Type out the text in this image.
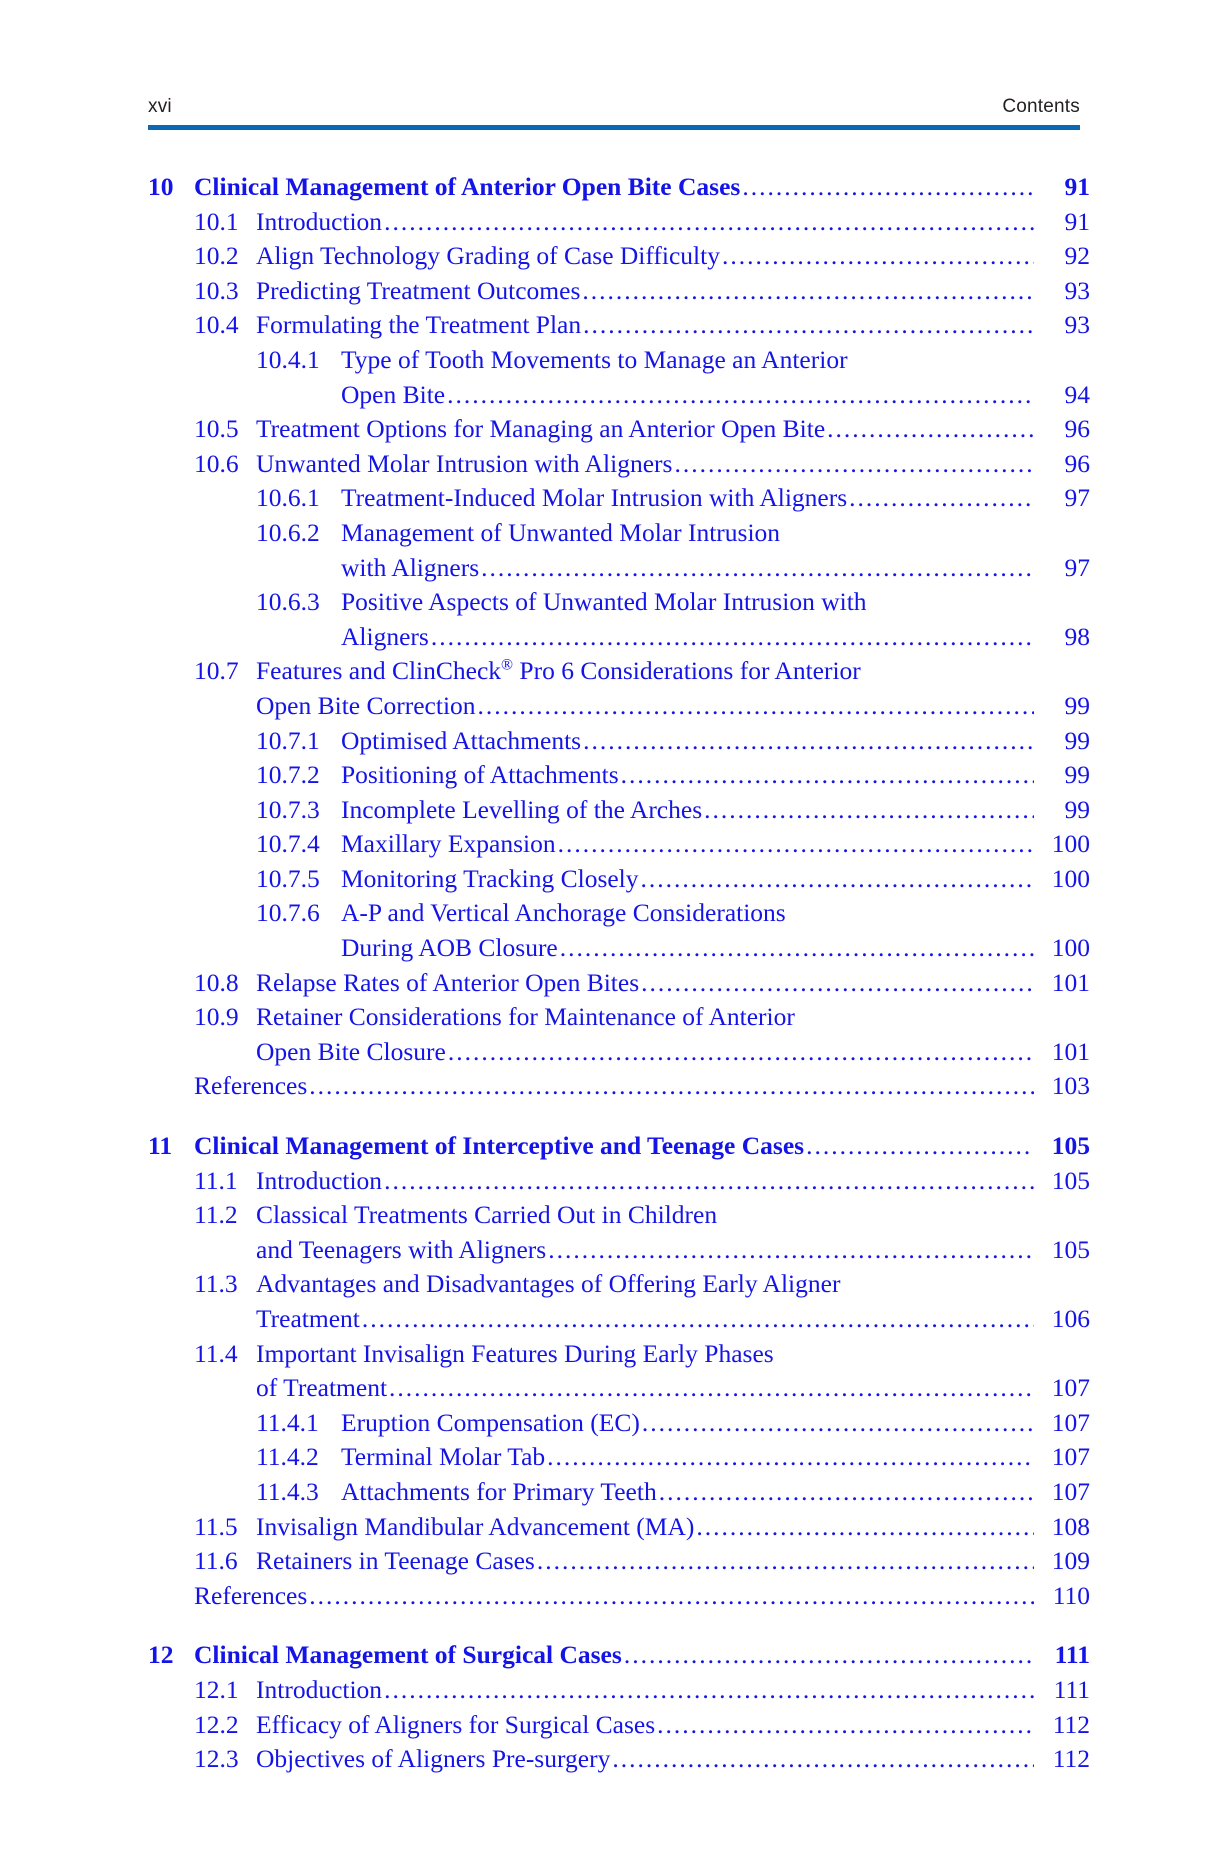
xvi	Contents
10 Clinical Management of Anterior Open Bite Cases .....	91
10.1 Introduction .....	91
10.2 Align Technology Grading of Case Difficulty .....	92
10.3 Predicting Treatment Outcomes .....	93
10.4 Formulating the Treatment Plan .....	93
10.4.1 Type of Tooth Movements to Manage an Anterior
Open Bite .....	94
10.5 Treatment Options for Managing an Anterior Open Bite .....	96
10.6 Unwanted Molar Intrusion with Aligners .....	96
10.6.1 Treatment-Induced Molar Intrusion with Aligners .....	97
10.6.2 Management of Unwanted Molar Intrusion
with Aligners .....	97
10.6.3 Positive Aspects of Unwanted Molar Intrusion with
Aligners .....	98
10.7 Features and ClinCheck® Pro 6 Considerations for Anterior
Open Bite Correction .....	99
10.7.1 Optimised Attachments .....	99
10.7.2 Positioning of Attachments .....	99
10.7.3 Incomplete Levelling of the Arches .....	99
10.7.4 Maxillary Expansion .....	100
10.7.5 Monitoring Tracking Closely .....	100
10.7.6 A-P and Vertical Anchorage Considerations
During AOB Closure .....	100
10.8 Relapse Rates of Anterior Open Bites .....	101
10.9 Retainer Considerations for Maintenance of Anterior
Open Bite Closure .....	101
References .....	103
11 Clinical Management of Interceptive and Teenage Cases .....	105
11.1 Introduction .....	105
11.2 Classical Treatments Carried Out in Children
and Teenagers with Aligners .....	105
11.3 Advantages and Disadvantages of Offering Early Aligner
Treatment .....	106
11.4 Important Invisalign Features During Early Phases
of Treatment .....	107
11.4.1 Eruption Compensation (EC) .....	107
11.4.2 Terminal Molar Tab .....	107
11.4.3 Attachments for Primary Teeth .....	107
11.5 Invisalign Mandibular Advancement (MA) .....	108
11.6 Retainers in Teenage Cases .....	109
References .....	110
12 Clinical Management of Surgical Cases .....	111
12.1 Introduction .....	111
12.2 Efficacy of Aligners for Surgical Cases .....	112
12.3 Objectives of Aligners Pre-surgery .....	112
